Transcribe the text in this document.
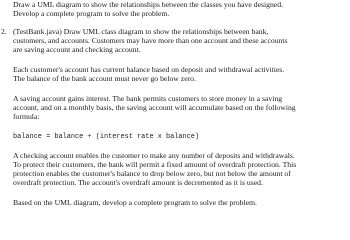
Draw a UML diagram to show the relationships between the classes you have designed.

Develop a complete program to solve the problem.

2. (TestBank.java) Draw UML class diagram to show the relationships between bank,

customers, and accounts. Customers may have more than one account and these accounts

are saving account and checking account.

Each customer's account has current balance based on deposit and withdrawal activities.

The balance of the bank account must never go below zero.

A saving account gains interest. The bank permits customers to store money in a saving

account, and on a monthly basis, the saving account will accumulate based on the following

formula:

balance = balance + (interest rate x balance)

A checking account enables the customer to make any number of deposits and withdrawals.

To protect their customers, the bank will permit a fixed amount of overdraft protection. This

protection enables the customer's balance to drop below zero, but not below the amount of

overdraft protection. The account's overdraft amount is decremented as it is used.

Based on the UML diagram, develop a complete program to solve the problem.
